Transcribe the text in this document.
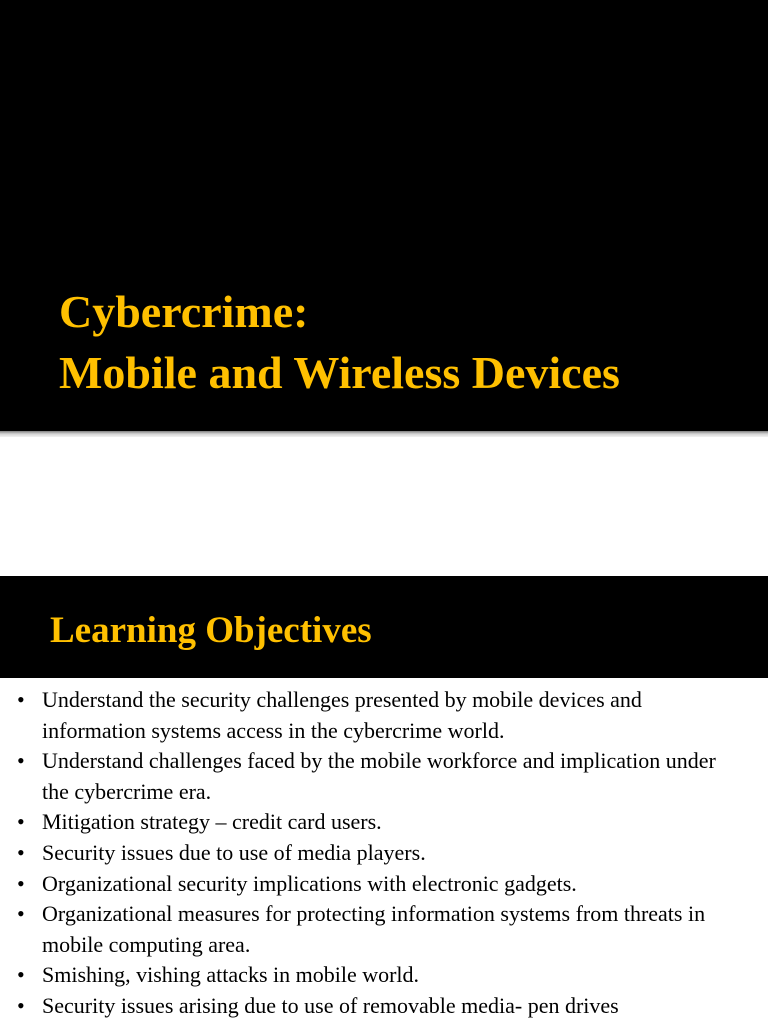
Cybercrime:
Mobile and Wireless Devices
Learning Objectives
• Understand the security challenges presented by mobile devices and information systems access in the cybercrime world.
• Understand challenges faced by the mobile workforce and implication under the cybercrime era.
• Mitigation strategy – credit card users.
• Security issues due to use of media players.
• Organizational security implications with electronic gadgets.
• Organizational measures for protecting information systems from threats in mobile computing area.
• Smishing, vishing attacks in mobile world.
• Security issues arising due to use of removable media- pen drives
